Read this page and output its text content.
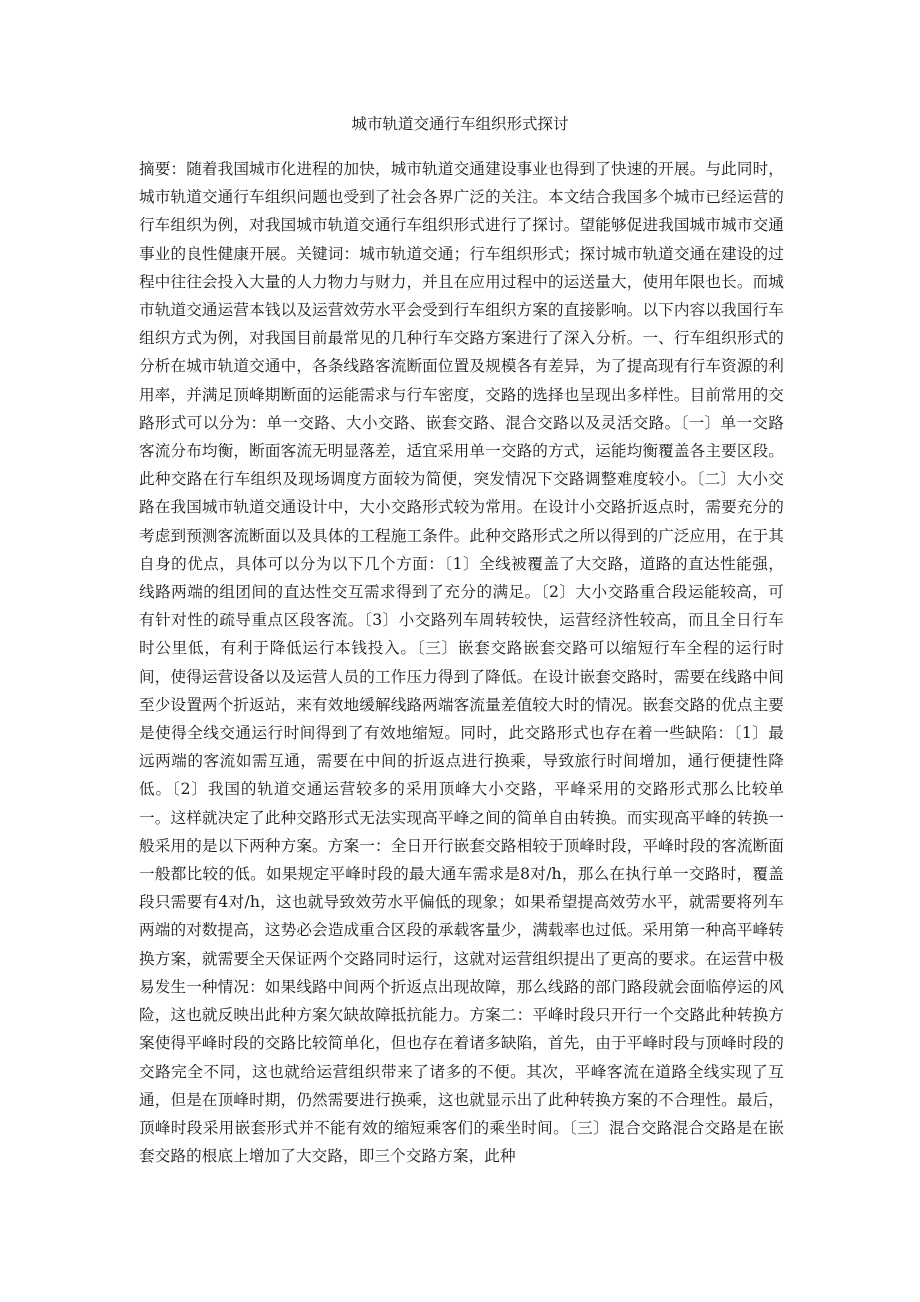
城市轨道交通行车组织形式探讨

摘要：随着我国城市化进程的加快，城市轨道交通建设事业也得到了快速的开展。与此同时，城市轨道交通行车组织问题也受到了社会各界广泛的关注。本文结合我国多个城市已经运营的行车组织为例，对我国城市轨道交通行车组织形式进行了探讨。望能够促进我国城市城市交通事业的良性健康开展。关键词：城市轨道交通；行车组织形式；探讨城市轨道交通在建设的过程中往往会投入大量的人力物力与财力，并且在应用过程中的运送量大，使用年限也长。而城市轨道交通运营本钱以及运营效劳水平会受到行车组织方案的直接影响。以下内容以我国行车组织方式为例，对我国目前最常见的几种行车交路方案进行了深入分析。一、行车组织形式的分析在城市轨道交通中，各条线路客流断面位置及规模各有差异，为了提高现有行车资源的利用率，并满足顶峰期断面的运能需求与行车密度，交路的选择也呈现出多样性。目前常用的交路形式可以分为：单一交路、大小交路、嵌套交路、混合交路以及灵活交路。〔一〕单一交路客流分布均衡，断面客流无明显落差，适宜采用单一交路的方式，运能均衡覆盖各主要区段。此种交路在行车组织及现场调度方面较为简便，突发情况下交路调整难度较小。〔二〕大小交路在我国城市轨道交通设计中，大小交路形式较为常用。在设计小交路折返点时，需要充分的考虑到预测客流断面以及具体的工程施工条件。此种交路形式之所以得到的广泛应用，在于其自身的优点，具体可以分为以下几个方面：〔1〕全线被覆盖了大交路，道路的直达性能强，线路两端的组团间的直达性交互需求得到了充分的满足。〔2〕大小交路重合段运能较高，可有针对性的疏导重点区段客流。〔3〕小交路列车周转较快，运营经济性较高，而且全日行车时公里低，有利于降低运行本钱投入。〔三〕嵌套交路嵌套交路可以缩短行车全程的运行时间，使得运营设备以及运营人员的工作压力得到了降低。在设计嵌套交路时，需要在线路中间至少设置两个折返站，来有效地缓解线路两端客流量差值较大时的情况。嵌套交路的优点主要是使得全线交通运行时间得到了有效地缩短。同时，此交路形式也存在着一些缺陷：〔1〕最远两端的客流如需互通，需要在中间的折返点进行换乘，导致旅行时间增加，通行便捷性降低。〔2〕我国的轨道交通运营较多的采用顶峰大小交路，平峰采用的交路形式那么比较单一。这样就决定了此种交路形式无法实现高平峰之间的简单自由转换。而实现高平峰的转换一般采用的是以下两种方案。方案一：全日开行嵌套交路相较于顶峰时段，平峰时段的客流断面一般都比较的低。如果规定平峰时段的最大通车需求是8对/h，那么在执行单一交路时，覆盖段只需要有4对/h，这也就导致效劳水平偏低的现象；如果希望提高效劳水平，就需要将列车两端的对数提高，这势必会造成重合区段的承载客量少，满载率也过低。采用第一种高平峰转换方案，就需要全天保证两个交路同时运行，这就对运营组织提出了更高的要求。在运营中极易发生一种情况：如果线路中间两个折返点出现故障，那么线路的部门路段就会面临停运的风险，这也就反映出此种方案欠缺故障抵抗能力。方案二：平峰时段只开行一个交路此种转换方案使得平峰时段的交路比较简单化，但也存在着诸多缺陷，首先，由于平峰时段与顶峰时段的交路完全不同，这也就给运营组织带来了诸多的不便。其次，平峰客流在道路全线实现了互通，但是在顶峰时期，仍然需要进行换乘，这也就显示出了此种转换方案的不合理性。最后，顶峰时段采用嵌套形式并不能有效的缩短乘客们的乘坐时间。〔三〕混合交路混合交路是在嵌套交路的根底上增加了大交路，即三个交路方案，此种
